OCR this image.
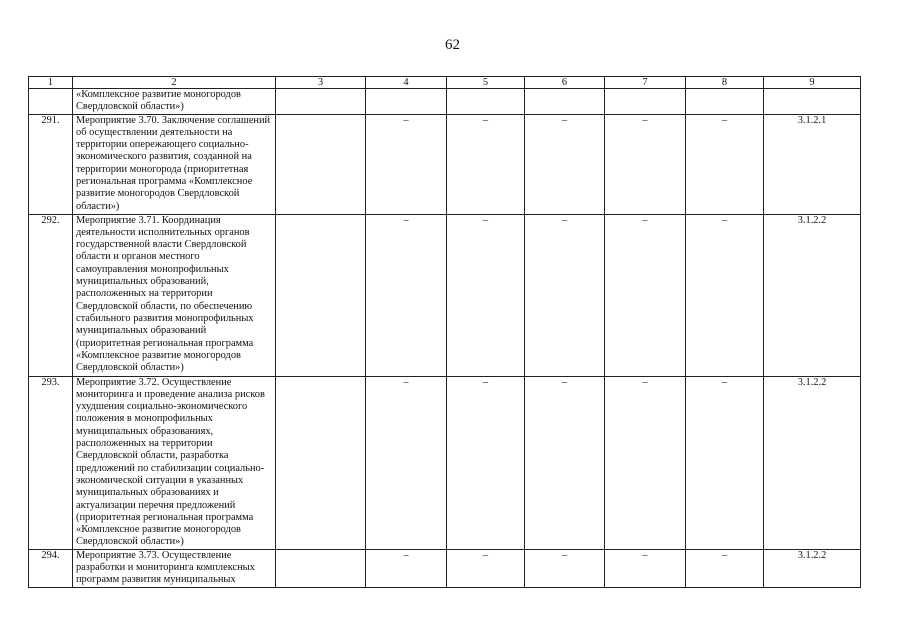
62
1	2	3	4	5	6	7	8	9
	«Комплексное развитие моногородов Свердловской области»)							
291.	Мероприятие 3.70. Заключение соглашений об осуществлении деятельности на территории опережающего социально-экономического развития, созданной на территории моногорода (приоритетная региональная программа «Комплексное развитие моногородов Свердловской области»)		–	–	–	–	–	3.1.2.1
292.	Мероприятие 3.71. Координация деятельности исполнительных органов государственной власти Свердловской области и органов местного самоуправления монопрофильных муниципальных образований, расположенных на территории Свердловской области, по обеспечению стабильного развития монопрофильных муниципальных образований (приоритетная региональная программа «Комплексное развитие моногородов Свердловской области»)		–	–	–	–	–	3.1.2.2
293.	Мероприятие 3.72. Осуществление мониторинга и проведение анализа рисков ухудшения социально-экономического положения в монопрофильных муниципальных образованиях, расположенных на территории Свердловской области, разработка предложений по стабилизации социально-экономической ситуации в указанных муниципальных образованиях и актуализации перечня предложений (приоритетная региональная программа «Комплексное развитие моногородов Свердловской области»)		–	–	–	–	–	3.1.2.2
294.	Мероприятие 3.73. Осуществление разработки и мониторинга комплексных программ развития муниципальных		–	–	–	–	–	3.1.2.2
